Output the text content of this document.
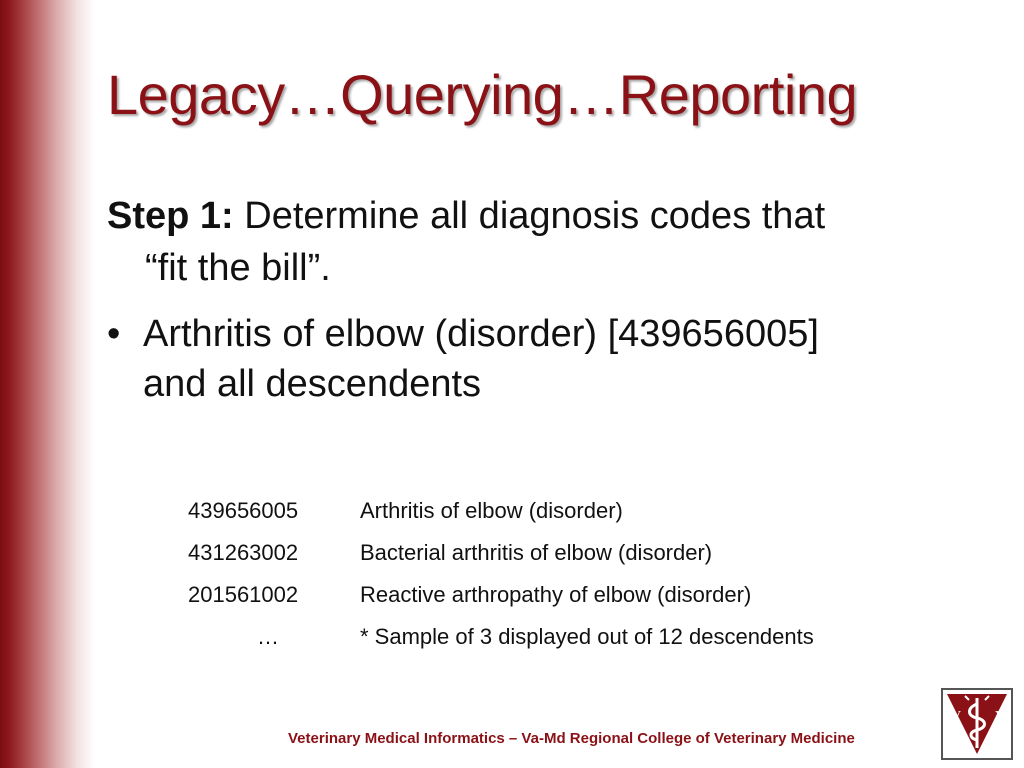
Legacy…Querying…Reporting
Step 1: Determine all diagnosis codes that
“fit the bill”.
• Arthritis of elbow (disorder) [439656005]
and all descendents
439656005	Arthritis of elbow (disorder)
431263002	Bacterial arthritis of elbow (disorder)
201561002	Reactive arthropathy of elbow (disorder)
…	* Sample of 3 displayed out of 12 descendents
Veterinary Medical Informatics – Va-Md Regional College of Veterinary Medicine
V
V
